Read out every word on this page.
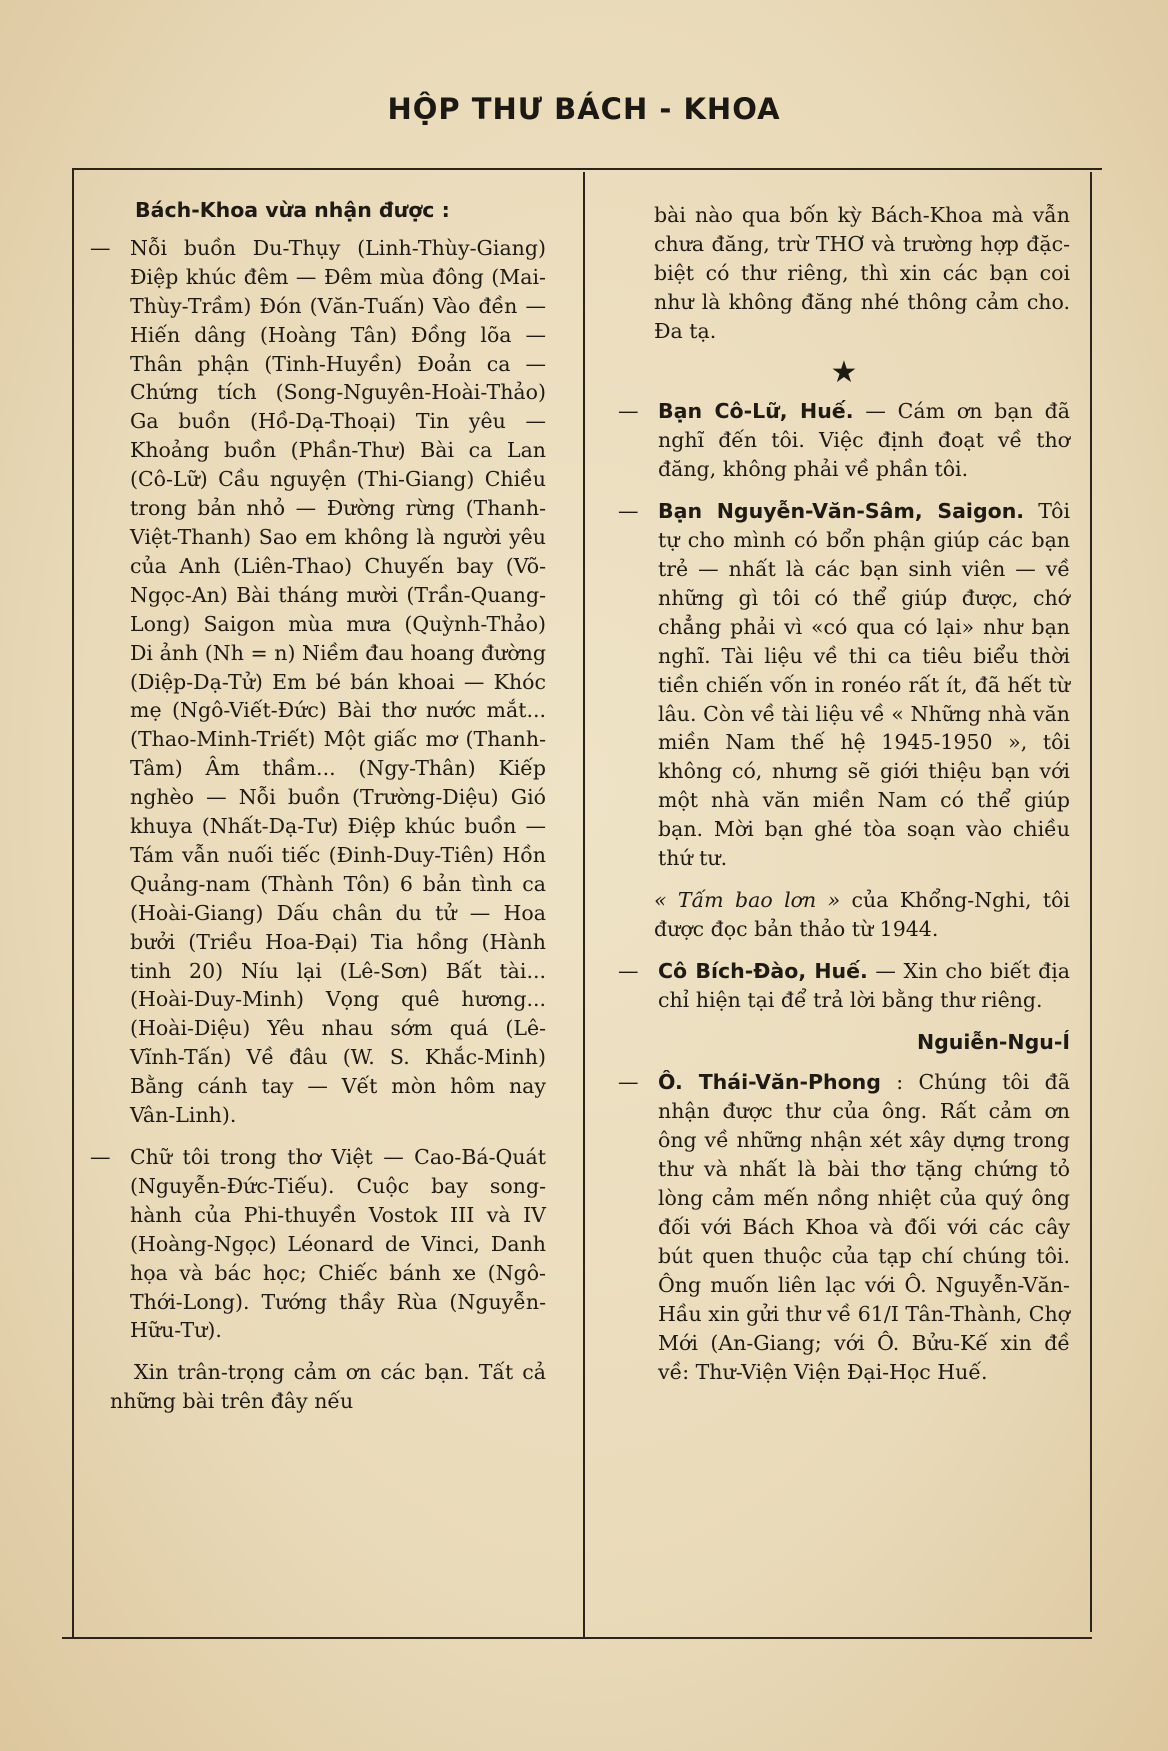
HỘP THƯ BÁCH - KHOA
Bách-Khoa vừa nhận được :

— Nỗi buồn Du-Thụy (Linh-Thùy-Giang) Điệp khúc đêm — Đêm mùa đông (Mai-Thùy-Trầm) Đón (Văn-Tuấn) Vào đền — Hiến dâng (Hoàng Tân) Đồng lõa — Thân phận (Tinh-Huyền) Đoản ca — Chứng tích (Song-Nguyên-Hoài-Thảo) Ga buồn (Hồ-Dạ-Thoại) Tin yêu — Khoảng buồn (Phần-Thư) Bài ca Lan (Cô-Lữ) Cầu nguyện (Thi-Giang) Chiều trong bản nhỏ — Đường rừng (Thanh-Việt-Thanh) Sao em không là người yêu của Anh (Liên-Thao) Chuyến bay (Võ-Ngọc-An) Bài tháng mười (Trần-Quang-Long) Saigon mùa mưa (Quỳnh-Thảo) Di ảnh (Nh = n) Niềm đau hoang đường (Diệp-Dạ-Tử) Em bé bán khoai — Khóc mẹ (Ngô-Viết-Đức) Bài thơ nước mắt... (Thao-Minh-Triết) Một giấc mơ (Thanh-Tâm) Âm thầm... (Ngy-Thân) Kiếp nghèo — Nỗi buồn (Trường-Diệu) Gió khuya (Nhất-Dạ-Tư) Điệp khúc buồn — Tám vẫn nuối tiếc (Đinh-Duy-Tiên) Hồn Quảng-nam (Thành Tôn) 6 bản tình ca (Hoài-Giang) Dấu chân du tử — Hoa bưởi (Triều Hoa-Đại) Tia hồng (Hành tinh 20) Níu lại (Lê-Sơn) Bất tài... (Hoài-Duy-Minh) Vọng quê hương... (Hoài-Diệu) Yêu nhau sớm quá (Lê-Vĩnh-Tấn) Về đâu (W. S. Khắc-Minh) Bằng cánh tay — Vết mòn hôm nay Vân-Linh).

— Chữ tôi trong thơ Việt — Cao-Bá-Quát (Nguyễn-Đức-Tiếu). Cuộc bay song-hành của Phi-thuyền Vostok III và IV (Hoàng-Ngọc) Léonard de Vinci, Danh họa và bác học; Chiếc bánh xe (Ngô-Thới-Long). Tướng thầy Rùa (Nguyễn-Hữu-Tư).

Xin trân-trọng cảm ơn các bạn. Tất cả những bài trên đây nếu

bài nào qua bốn kỳ Bách-Khoa mà vẫn chưa đăng, trừ THƠ và trường hợp đặc-biệt có thư riêng, thì xin các bạn coi như là không đăng nhé thông cảm cho. Đa tạ.

★

— Bạn Cô-Lữ, Huế. — Cám ơn bạn đã nghĩ đến tôi. Việc định đoạt về thơ đăng, không phải về phần tôi.

— Bạn Nguyễn-Văn-Sâm, Saigon. Tôi tự cho mình có bổn phận giúp các bạn trẻ — nhất là các bạn sinh viên — về những gì tôi có thể giúp được, chớ chẳng phải vì «có qua có lại» như bạn nghĩ. Tài liệu về thi ca tiêu biểu thời tiền chiến vốn in ronéo rất ít, đã hết từ lâu. Còn về tài liệu về « Những nhà văn miền Nam thế hệ 1945-1950 », tôi không có, nhưng sẽ giới thiệu bạn với một nhà văn miền Nam có thể giúp bạn. Mời bạn ghé tòa soạn vào chiều thứ tư.

« Tấm bao lơn » của Khổng-Nghi, tôi được đọc bản thảo từ 1944.

— Cô Bích-Đào, Huế. — Xin cho biết địa chỉ hiện tại để trả lời bằng thư riêng.

Nguiễn-Ngu-Í

— Ô. Thái-Văn-Phong : Chúng tôi đã nhận được thư của ông. Rất cảm ơn ông về những nhận xét xây dựng trong thư và nhất là bài thơ tặng chứng tỏ lòng cảm mến nồng nhiệt của quý ông đối với Bách Khoa và đối với các cây bút quen thuộc của tạp chí chúng tôi. Ông muốn liên lạc với Ô. Nguyễn-Văn-Hầu xin gửi thư về 61/I Tân-Thành, Chợ Mới (An-Giang; với Ô. Bửu-Kế xin đề về: Thư-Viện Viện Đại-Học Huế.
